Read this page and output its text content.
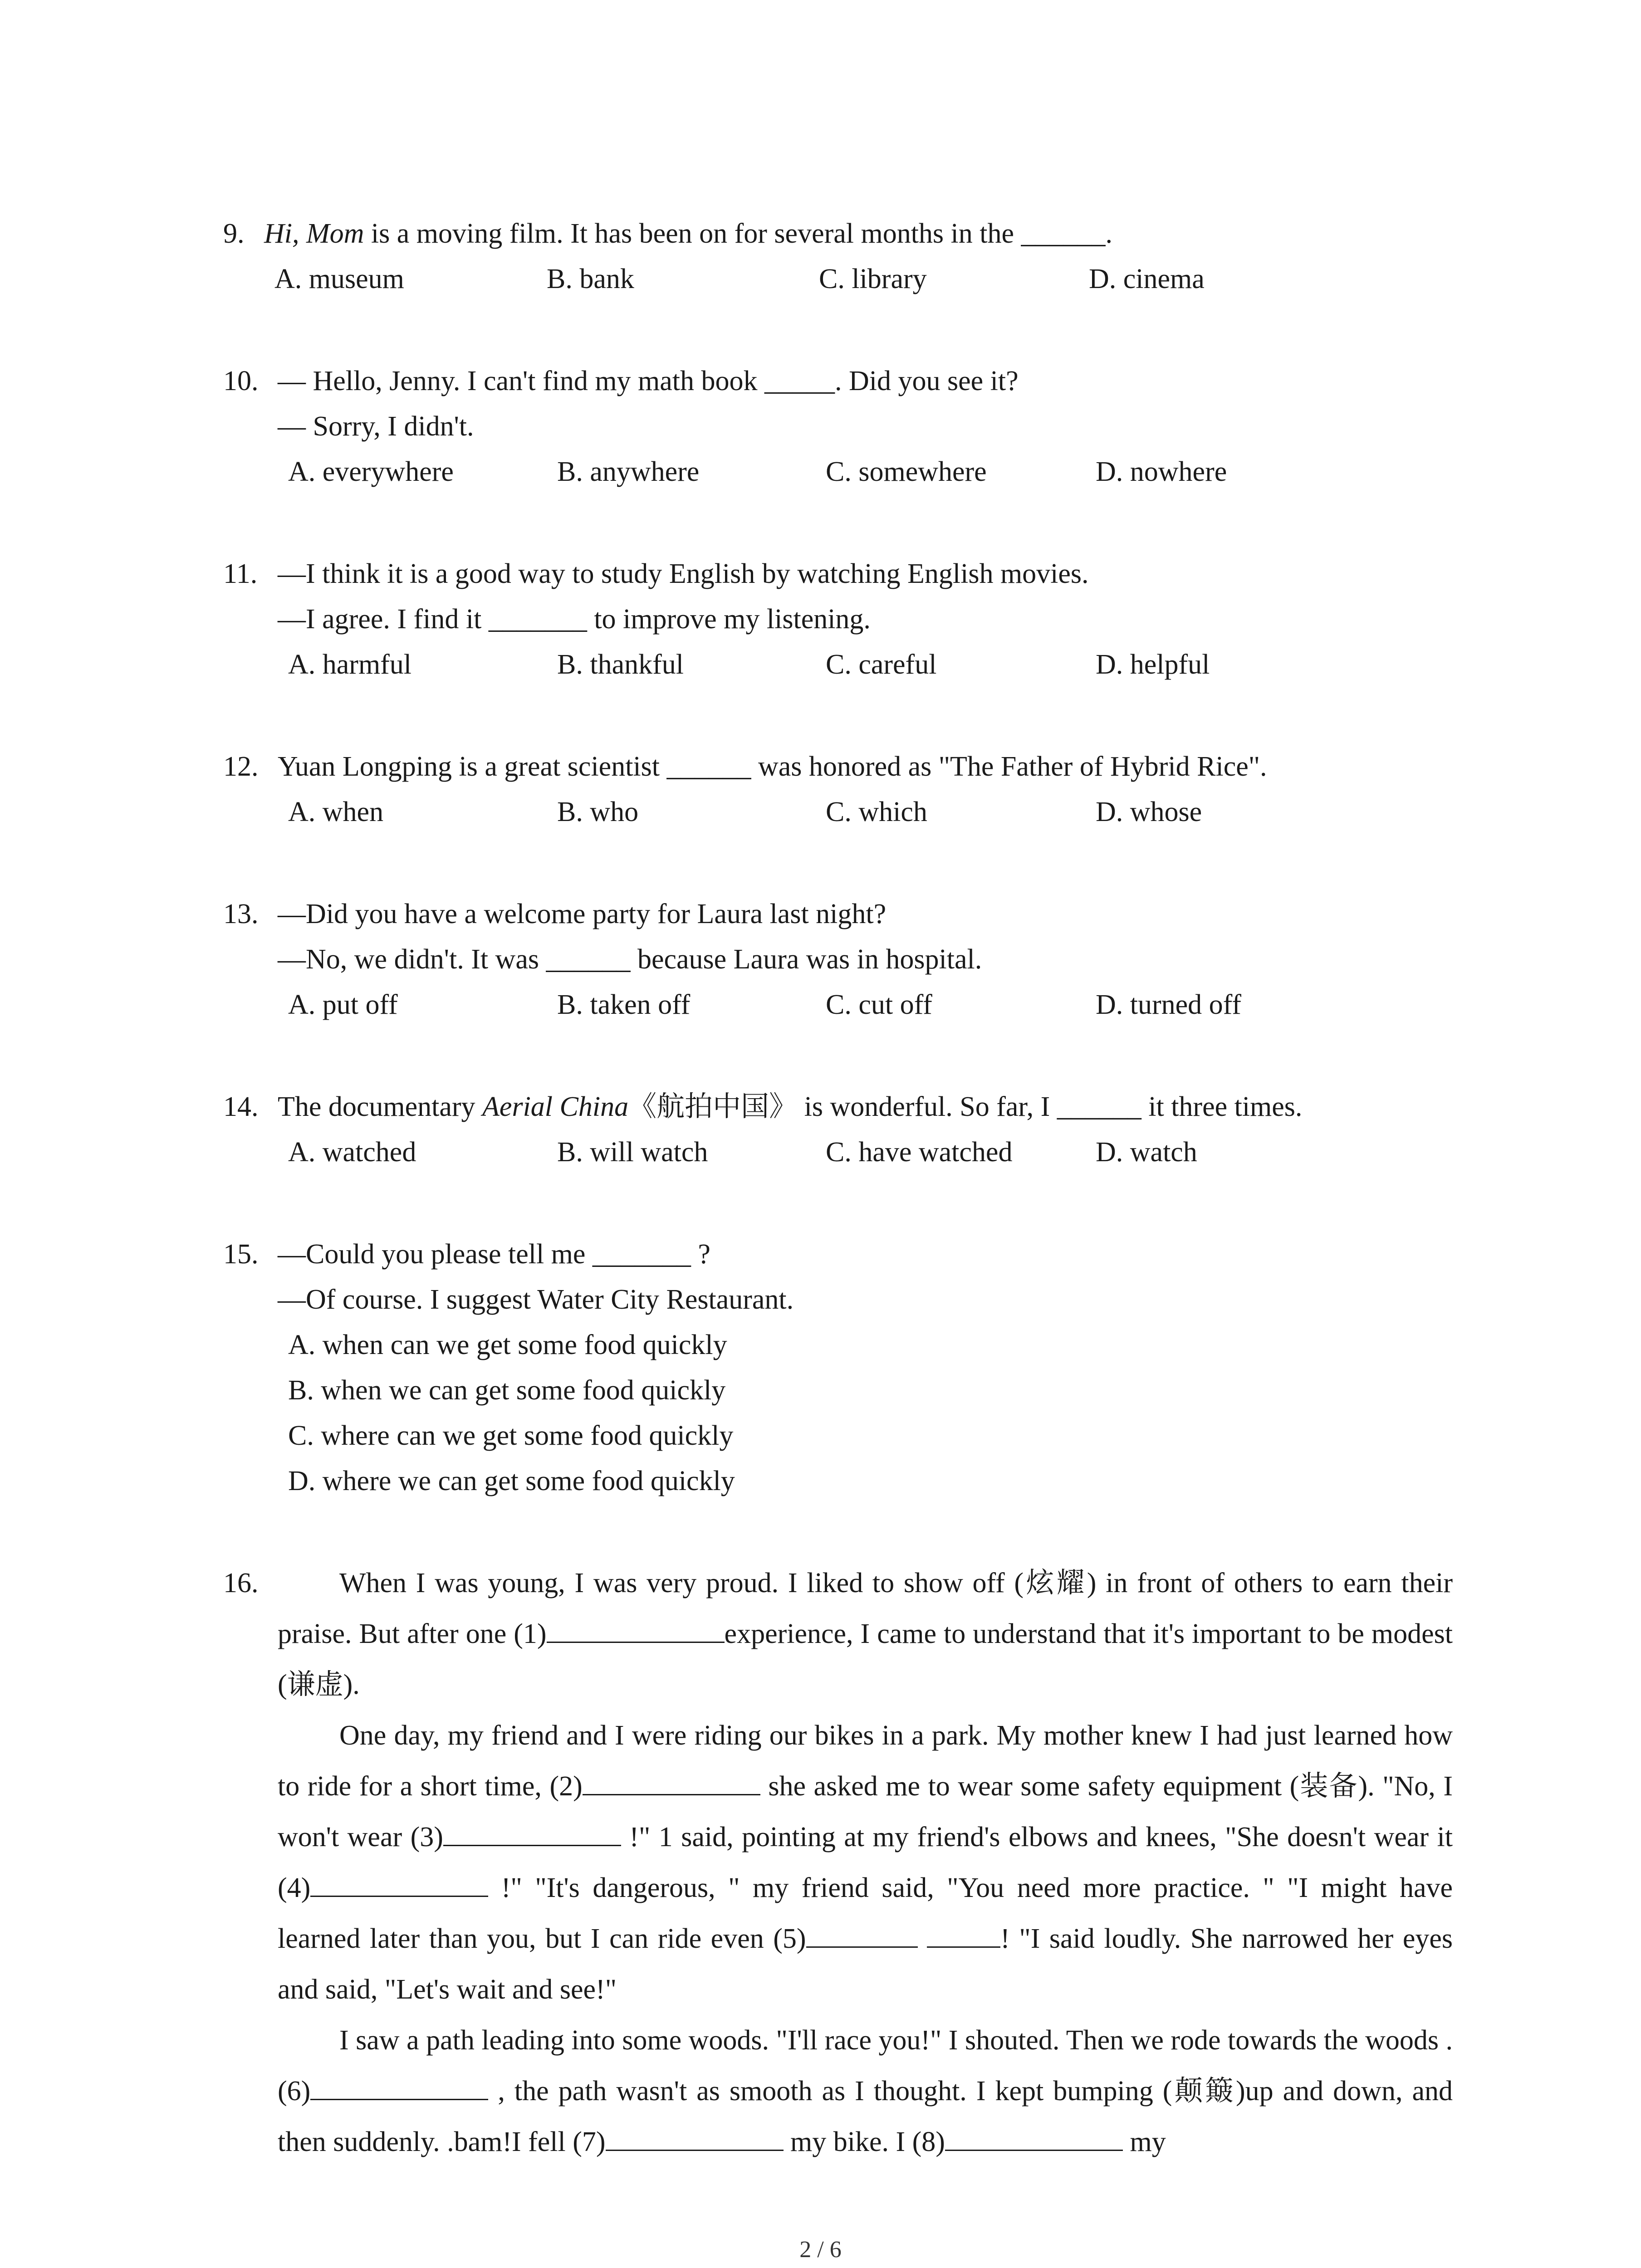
9. Hi, Mom is a moving film. It has been on for several months in the ______.
A. museum	B. bank	C. library	D. cinema
10. — Hello, Jenny. I can't find my math book _____. Did you see it?
— Sorry, I didn't.
A. everywhere	B. anywhere	C. somewhere	D. nowhere
11. —I think it is a good way to study English by watching English movies.
—I agree. I find it _______ to improve my listening.
A. harmful	B. thankful	C. careful	D. helpful
12. Yuan Longping is a great scientist ______ was honored as "The Father of Hybrid Rice".
A. when	B. who	C. which	D. whose
13. —Did you have a welcome party for Laura last night?
—No, we didn't. It was ______ because Laura was in hospital.
A. put off	B. taken off	C. cut off	D. turned off
14. The documentary Aerial China《航拍中国》 is wonderful. So far, I ______ it three times.
A. watched	B. will watch	C. have watched	D. watch
15. —Could you please tell me _______ ?
—Of course. I suggest Water City Restaurant.
A. when can we get some food quickly
B. when we can get some food quickly
C. where can we get some food quickly
D. where we can get some food quickly
16.	When I was young, I was very proud. I liked to show off (炫耀) in front of others to earn their praise. But after one (1)	experience, I came to understand that it's important to be modest (谦虚).

One day, my friend and I were riding our bikes in a park. My mother knew I had just learned how to ride for a short time, (2)	she asked me to wear some safety equipment (装备). "No, I won't wear (3)	!" 1 said, pointing at my friend's elbows and knees, "She doesn't wear it (4)	!" "It's dangerous, " my friend said, "You need more practice. " "I might have learned later than you, but I can ride even (5)	! "I said loudly. She narrowed her eyes and said, "Let's wait and see!"

I saw a path leading into some woods. "I'll race you!" I shouted. Then we rode towards the woods . (6)	, the path wasn't as smooth as I thought. I kept bumping (颠簸)up and down, and then suddenly. .bam!I fell (7)	my bike. I (8)	my

2 / 6
